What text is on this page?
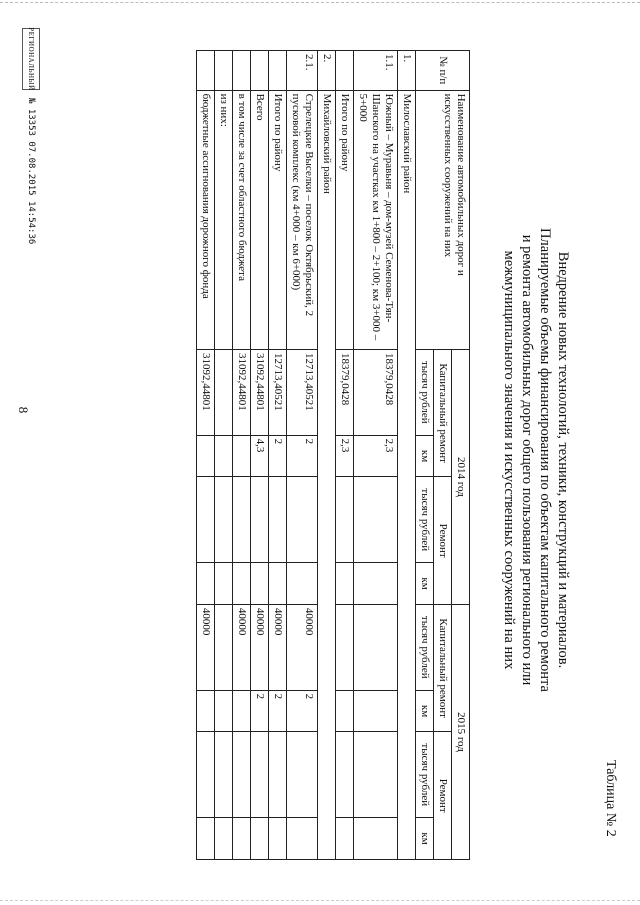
8
Таблица № 2
Внедрение новых технологий, техники, конструкций и материалов.
Планируемые объемы финансирования по объектам капитального ремонта
и ремонта автомобильных дорог общего пользования регионального или
межмуниципального значения и искусственных сооружений на них
№ п/п	Наименование автомобильных дорог и искусственных сооружений на них	2014 год				2015 год			
		Капитальный ремонт		Ремонт		Капитальный ремонт		Ремонт	
		тысяч рублей	км	тысяч рублей	км	тысяч рублей	км	тысяч рублей	км
1.	Милославский район								
1.1.	Южный – Муравьня – дом-музей Семенова-Тян-Шанского на участках км 1+800 – 2+100; км 3+000 – 5+000	18379,0428	2,3						
	Итого по району	18379,0428	2,3						
2.	Михайловский район								
2.1.	Стрелецкие Выселки – поселок Октябрьский, 2 пусковой комплекс (км 4+000 – км 6+000)	12713,40521	2			40000	2		
	Итого по району	12713,40521	2			40000	2		
	Всего	31092,44801	4,3			40000	2		
	в том числе за счет областного бюджета	31092,44801				40000			
	из них:								
	бюджетные ассигнования дорожного фонда	31092,44801				40000			
РЕГИОНАЛЬНЫЙ
№ 13353 07.08.2015 14:54:36
